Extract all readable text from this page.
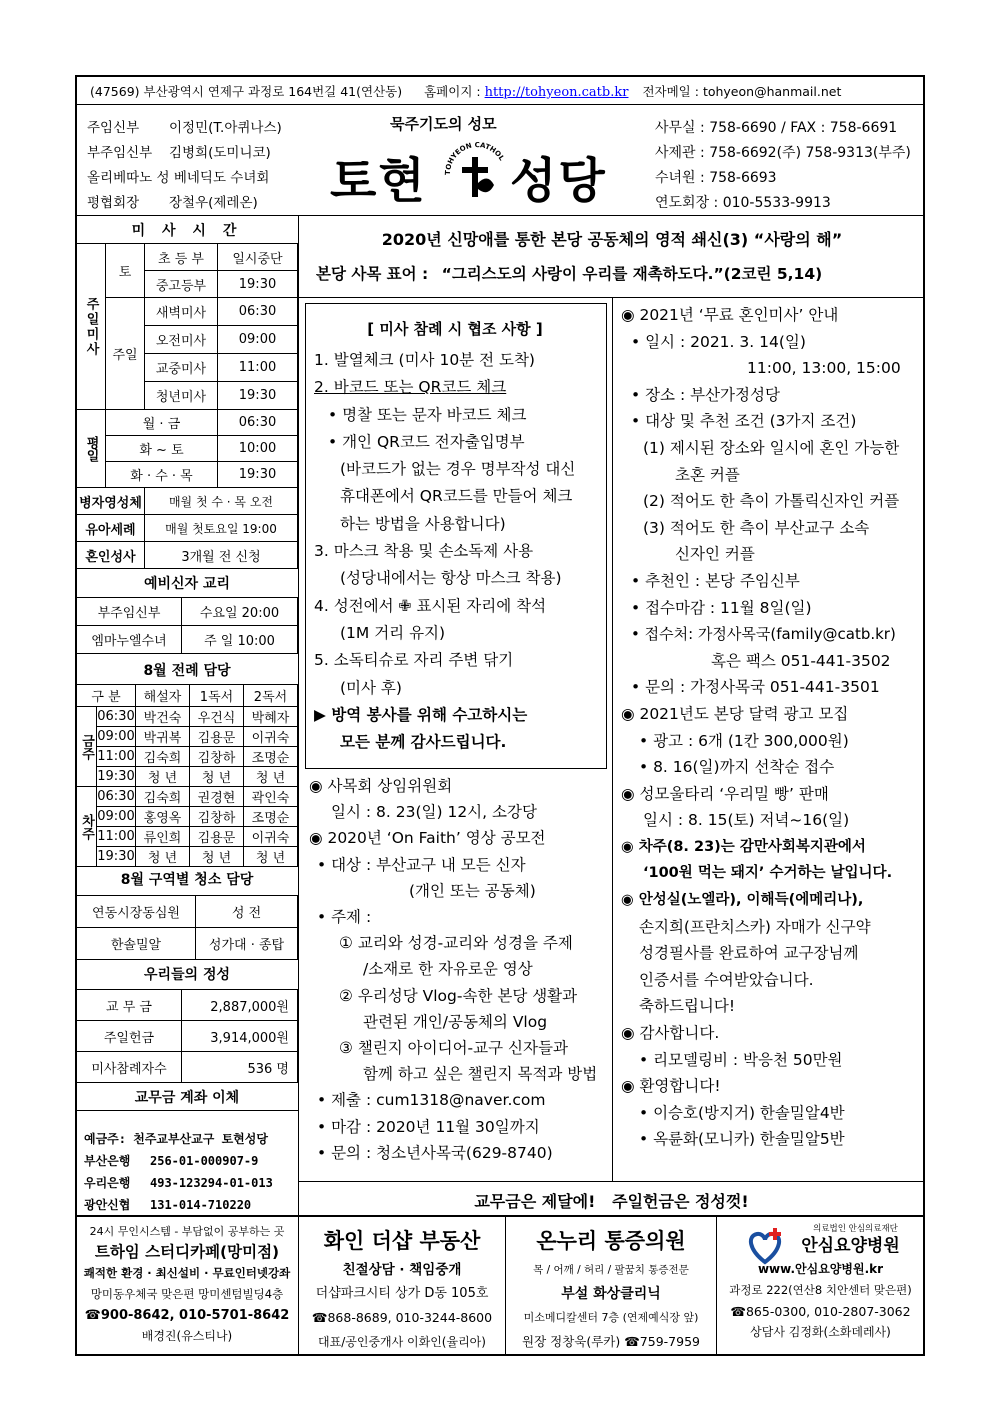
(47569) 부산광역시 연제구 과정로 164번길 41(연산동) 홈페이지 : http://tohyeon.catb.kr 전자메일 : tohyeon@hanmail.net
주임신부 이정민(T.아퀴나스)
부주임신부 김병희(도미니코)
올리베따노 성 베네딕도 수녀회
평협회장 장철우(제레온)
묵주기도의 성모
토현 성당
TOHYEON CATHOL
사무실 : 758-6690 / FAX : 758-6691
사제관 : 758-6692(주) 758-9313(부주)
수녀원 : 758-6693
연도회장 : 010-5533-9913
미 사 시 간
주일미사	토	초 등 부	일시중단
		중고등부	19:30
	주일	새벽미사	06:30
		오전미사	09:00
		교중미사	11:00
		청년미사	19:30
평일	월 · 금		06:30
	화 ~ 토		10:00
	화 · 수 · 목		19:30
병자영성체		매월 첫 수 · 목 오전	
유아세례		매월 첫토요일 19:00	
혼인성사		3개월 전 신청	
예비신자 교리
부주임신부	수요일 20:00
엠마누엘수녀	주 일 10:00
8월 전례 담당
구 분		해설자	1독서	2독서
금주	06:30	박건숙	우건식	박혜자
	09:00	박귀복	김용문	이귀숙
	11:00	김숙희	김창하	조명순
	19:30	청 년	청 년	청 년
차주	06:30	김숙희	권경현	곽인숙
	09:00	홍영옥	김창하	조명순
	11:00	류인희	김용문	이귀숙
	19:30	청 년	청 년	청 년
8월 구역별 청소 담당
연동시장동심원	성 전
한솔밀알	성가대 · 종탑
우리들의 정성
교 무 금	2,887,000원
주일헌금	3,914,000원
미사참례자수	536 명
교무금 계좌 이체
예금주: 천주교부산교구 토현성당
부산은행 256-01-000907-9
우리은행 493-123294-01-013
광안신협 131-014-710220
2020년 신망애를 통한 본당 공동체의 영적 쇄신(3) “사랑의 해”
본당 사목 표어 : “그리스도의 사랑이 우리를 재촉하도다.”(2코린 5,14)
[ 미사 참례 시 협조 사항 ]
1. 발열체크 (미사 10분 전 도착)
2. 바코드 또는 QR코드 체크
• 명찰 또는 문자 바코드 체크
• 개인 QR코드 전자출입명부
(바코드가 없는 경우 명부작성 대신
휴대폰에서 QR코드를 만들어 체크
하는 방법을 사용합니다)
3. 마스크 착용 및 손소독제 사용
(성당내에서는 항상 마스크 착용)
4. 성전에서 ✙ 표시된 자리에 착석
(1M 거리 유지)
5. 소독티슈로 자리 주변 닦기
(미사 후)
▶ 방역 봉사를 위해 수고하시는
모든 분께 감사드립니다.
◉ 사목회 상임위원회
일시 : 8. 23(일) 12시, 소강당
◉ 2020년 ‘On Faith’ 영상 공모전
• 대상 : 부산교구 내 모든 신자
(개인 또는 공동체)
• 주제 :
① 교리와 성경-교리와 성경을 주제
/소재로 한 자유로운 영상
② 우리성당 Vlog-속한 본당 생활과
관련된 개인/공동체의 Vlog
③ 챌린지 아이디어-교구 신자들과
함께 하고 싶은 챌린지 목적과 방법
• 제출 : cum1318@naver.com
• 마감 : 2020년 11월 30일까지
• 문의 : 청소년사목국(629-8740)
◉ 2021년 ‘무료 혼인미사’ 안내
• 일시 : 2021. 3. 14(일)
11:00, 13:00, 15:00
• 장소 : 부산가정성당
• 대상 및 추천 조건 (3가지 조건)
(1) 제시된 장소와 일시에 혼인 가능한
초혼 커플
(2) 적어도 한 측이 가톨릭신자인 커플
(3) 적어도 한 측이 부산교구 소속
신자인 커플
• 추천인 : 본당 주임신부
• 접수마감 : 11월 8일(일)
• 접수처: 가정사목국(family@catb.kr)
혹은 팩스 051-441-3502
• 문의 : 가정사목국 051-441-3501
◉ 2021년도 본당 달력 광고 모집
• 광고 : 6개 (1칸 300,000원)
• 8. 16(일)까지 선착순 접수
◉ 성모울타리 ‘우리밀 빵’ 판매
일시 : 8. 15(토) 저녁~16(일)
◉ 차주(8. 23)는 감만사회복지관에서
‘100원 먹는 돼지’ 수거하는 날입니다.
◉ 안성실(노엘라), 이해득(에메리나),
손지희(프란치스카) 자매가 신구약
성경필사를 완료하여 교구장님께
인증서를 수여받았습니다.
축하드립니다!
◉ 감사합니다.
• 리모델링비 : 박응천 50만원
◉ 환영합니다!
• 이승호(방지거) 한솔밀알4반
• 옥륜화(모니카) 한솔밀알5반
교무금은 제달에!   주일헌금은 정성껏!
24시 무인시스템 - 부담없이 공부하는 곳
트하임 스터디카페(망미점)
쾌적한 환경 · 최신설비 · 무료인터넷강좌
망미동우체국 맞은편 망미센텀빌딩4층
☎900-8642, 010-5701-8642
배경진(유스티나)
화인 더샵 부동산
친절상담 · 책임중개
더샵파크시티 상가 D동 105호
☎868-8689, 010-3244-8600
대표/공인중개사 이화인(율리아)
온누리 통증의원
목 / 어깨 / 허리 / 팔꿈치 통증전문
부설 화상클리닉
미소메디칼센터 7층 (연제예식장 앞)
원장 정창욱(루카) ☎759-7959
의료법인 안심의료재단
안심요양병원
www.안심요양병원.kr
과정로 222(연산8 치안센터 맞은편)
☎865-0300, 010-2807-3062
상담사 김정화(소화데레사)
